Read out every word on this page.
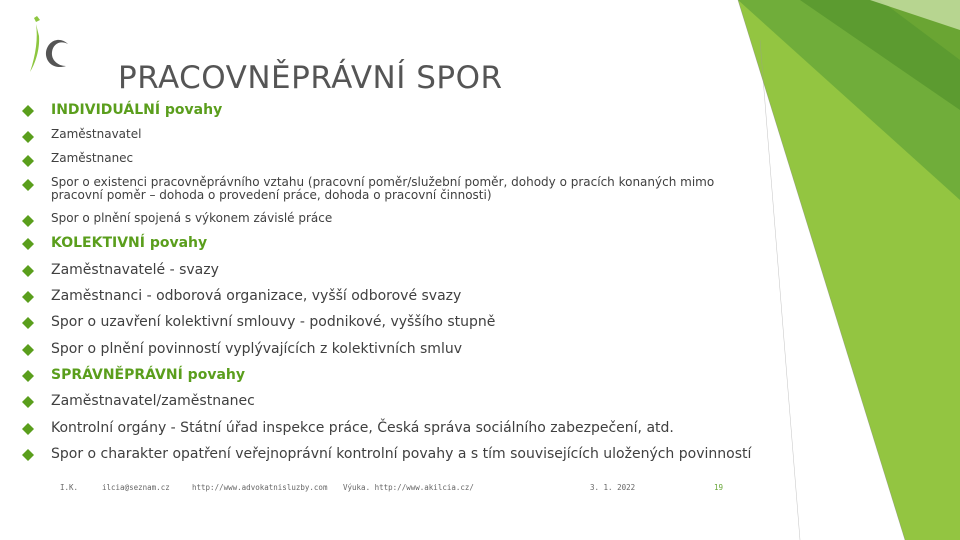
PRACOVNĚPRÁVNÍ SPOR
INDIVIDUÁLNÍ povahy
Zaměstnavatel
Zaměstnanec
Spor o existenci pracovněprávního vztahu (pracovní poměr/služební poměr, dohody o pracích konaných mimo pracovní poměr – dohoda o provedení práce, dohoda o pracovní činnosti)
Spor o plnění spojená s výkonem závislé práce
KOLEKTIVNÍ povahy
Zaměstnavatelé - svazy
Zaměstnanci - odborová organizace, vyšší odborové svazy
Spor o uzavření kolektivní smlouvy - podnikové, vyššího stupně
Spor o plnění povinností vyplývajících z kolektivních smluv
SPRÁVNĚPRÁVNÍ povahy
Zaměstnavatel/zaměstnanec
Kontrolní orgány - Státní úřad inspekce práce, Česká správa sociálního zabezpečení, atd.
Spor o charakter opatření veřejnoprávní kontrolní povahy a s tím souvisejících uložených povinností
I.K.	ilcia@seznam.cz	http://www.advokatnisluzby.com Výuka. http://www.akilcia.cz/	3. 1. 2022	19
